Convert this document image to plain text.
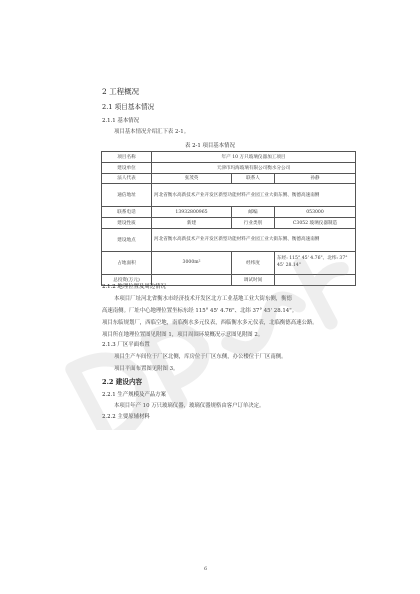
2 工程概况
2.1 项目基本情况
2.1.1 基本情况
项目基本情况介绍汇下表 2-1。
表 2-1 项目基本情况
项目名称	年产 10 万只玻璃仪器加工项目		
建设单位	天津市玛海玻璃有限公司衡水分公司		
法人代表	张茂英	联系人	孙静
通信地址	河北省衡水高新技术产业开发区新型功能材料产业园工业大街东侧、衡德高速南侧		
联系电话	13932800965	邮编	053000
建设性质	新建	行业类别	C3052 玻璃仪器制造
建设地点	河北省衡水高新技术产业开发区新型功能材料产业园工业大街东侧、衡德高速南侧		
占地面积	3000m²	经纬度	东经: 115° 45' 4.76"、北纬: 37° 45' 28.14"
总投资(万元)		调试时间	
2.1.2 地理位置及周边情况
本项目厂址河北省衡水市经济技术开发区北方工业基地工业大街东侧，衡德
高速南侧。厂址中心地理位置坐标东经 115° 45' 4.76"、北纬 37° 45' 28.14"。
项目东临规划厂，西临空地，南临衡水多元仪表，西临衡水多元仪表，北临衡德高速公路。
项目所在地理位置图见附图 1，项目周围环境概况示意图见附图 2。
2.1.3 厂区平面布置
项目生产车间位于厂区北侧，库房位于厂区东侧，办公楼位于厂区南侧。
项目平面布置图见附图 3。
2.2 建设内容
2.2.1 生产规模及产品方案
本项目年产 10 万只玻璃仪器，玻璃仪器规格由客户订单决定。
2.2.2 主要原辅材料
6
